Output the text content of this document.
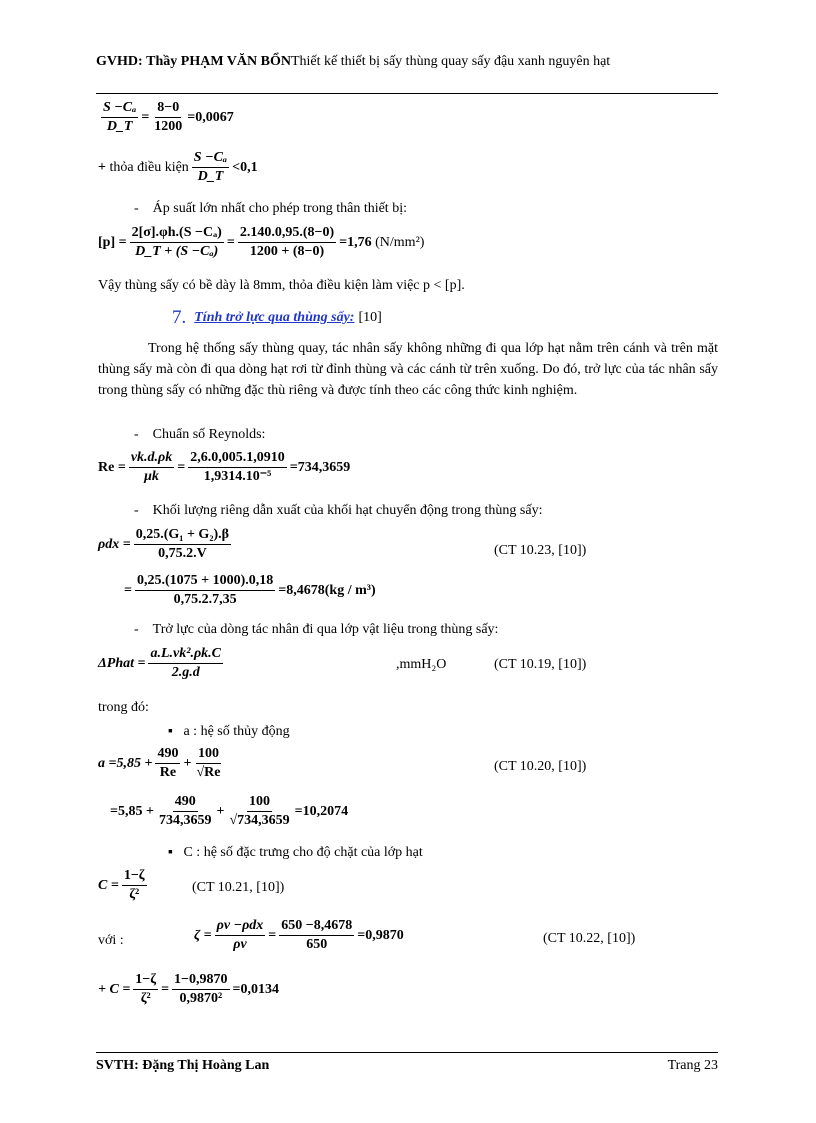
GVHD: Thầy PHẠM VĂN BỔNThiết kế thiết bị sấy thùng quay sấy đậu xanh nguyên hạt
$\frac{\text{S −Cₐ}}{D\_T} = \frac{8-0}{1200} =0,0067$
+
thỏa điều kiện $\frac{\text{S −Cₐ}}{D\_T} <0,1$
-    Áp suất lớn nhất cho phép trong thân thiết bị:
$[p] = \frac{\text{2[σ].φh.(S −Cₐ)}}{\text{D\_T + (S −Cₐ)}} = \frac{2.140.0,95.(8-0)}{1200 + (8-0)} =1,76$
(N/mm²)
Vậy thùng sấy có bề dày là 8mm, thỏa điều kiện làm việc p < [p].
7.
Tính trở lực qua thùng sấy:
[10]
Trong hệ thống sấy thùng quay, tác nhân sấy không những đi qua lớp hạt nằm trên cánh và trên mặt thùng sấy mà còn đi qua dòng hạt rơi từ đỉnh thùng và các cánh từ trên xuống. Do đó, trở lực của tác nhân sấy trong thùng sấy có những đặc thù riêng và được tính theo các công thức kinh nghiệm.
-    Chuẩn số Reynolds:
$Re = \frac{vk.d.\rho k}{\mu k} = \frac{2,6.0,005.1,0910}{\text{1,9314.10⁻⁵}} =734,3659$
-    Khối lượng riêng dẫn xuất của khối hạt chuyển động trong thùng sấy:
$\rho dx = \frac{\text{0,25.(G₁ + G₂).β}}{0,75.2.V}$	(CT 10.23, [10])
= $\frac{0,25.(1075 + 1000).0,18}{0,75.2.7,35} =8,4678(kg / m^3)$
-    Trở lực của dòng tác nhân đi qua lớp vật liệu trong thùng sấy:
ΔPhat = $\frac{\text{a.L.vk².ρk.C}}{2.g.d}$	,mmH₂O	(CT 10.19, [10])
trong đó:
▪   a : hệ số thủy động
$a =5,85 + \frac{490}{Re} + \frac{100}{√Re}$	(CT 10.20, [10])
$=5,85 + \frac{490}{734,3659} + \frac{100}{√734,3659} =10,2074$
▪   C : hệ số đặc trưng cho độ chặt của lớp hạt
$C = \frac{1-\zeta}{\text{ζ²}}$	(CT 10.21, [10])
với :	$\zeta = \frac{\text{ρv −ρdx}}{\rho v} = \frac{650 -8,4678}{650} =0,9870$	(CT 10.22, [10])
+ $C = \frac{1-\zeta}{\text{ζ²}} = \frac{1-0,9870}{\text{0,9870²}} =0,0134$
SVTH: Đặng Thị Hoàng Lan	Trang 23
